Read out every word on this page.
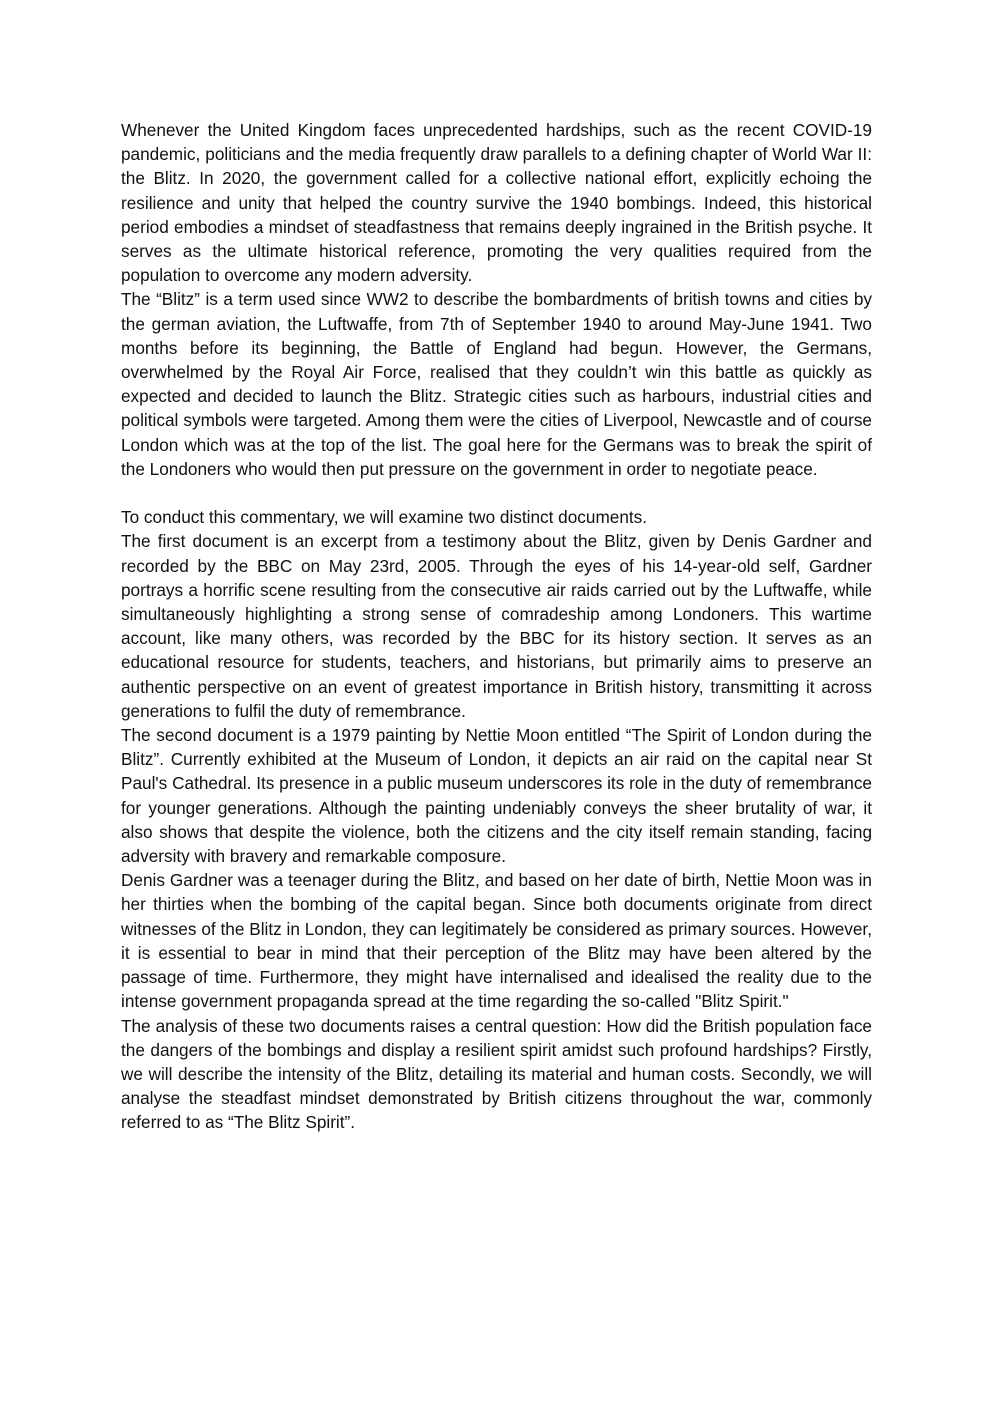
Whenever the United Kingdom faces unprecedented hardships, such as the recent COVID-19 pandemic, politicians and the media frequently draw parallels to a defining chapter of World War II: the Blitz. In 2020, the government called for a collective national effort, explicitly echoing the resilience and unity that helped the country survive the 1940 bombings. Indeed, this historical period embodies a mindset of steadfastness that remains deeply ingrained in the British psyche. It serves as the ultimate historical reference, promoting the very qualities required from the population to overcome any modern adversity.

The “Blitz” is a term used since WW2 to describe the bombardments of british towns and cities by the german aviation, the Luftwaffe, from 7th of September 1940 to around May-June 1941. Two months before its beginning, the Battle of England had begun. However, the Germans, overwhelmed by the Royal Air Force, realised that they couldn’t win this battle as quickly as expected and decided to launch the Blitz. Strategic cities such as harbours, industrial cities and political symbols were targeted. Among them were the cities of Liverpool, Newcastle and of course London which was at the top of the list. The goal here for the Germans was to break the spirit of the Londoners who would then put pressure on the government in order to negotiate peace.

To conduct this commentary, we will examine two distinct documents.

The first document is an excerpt from a testimony about the Blitz, given by Denis Gardner and recorded by the BBC on May 23rd, 2005. Through the eyes of his 14-year-old self, Gardner portrays a horrific scene resulting from the consecutive air raids carried out by the Luftwaffe, while simultaneously highlighting a strong sense of comradeship among Londoners. This wartime account, like many others, was recorded by the BBC for its history section. It serves as an educational resource for students, teachers, and historians, but primarily aims to preserve an authentic perspective on an event of greatest importance in British history, transmitting it across generations to fulfil the duty of remembrance.

The second document is a 1979 painting by Nettie Moon entitled “The Spirit of London during the Blitz”. Currently exhibited at the Museum of London, it depicts an air raid on the capital near St Paul's Cathedral. Its presence in a public museum underscores its role in the duty of remembrance for younger generations. Although the painting undeniably conveys the sheer brutality of war, it also shows that despite the violence, both the citizens and the city itself remain standing, facing adversity with bravery and remarkable composure.

Denis Gardner was a teenager during the Blitz, and based on her date of birth, Nettie Moon was in her thirties when the bombing of the capital began. Since both documents originate from direct witnesses of the Blitz in London, they can legitimately be considered as primary sources. However, it is essential to bear in mind that their perception of the Blitz may have been altered by the passage of time. Furthermore, they might have internalised and idealised the reality due to the intense government propaganda spread at the time regarding the so-called "Blitz Spirit."

The analysis of these two documents raises a central question: How did the British population face the dangers of the bombings and display a resilient spirit amidst such profound hardships? Firstly, we will describe the intensity of the Blitz, detailing its material and human costs. Secondly, we will analyse the steadfast mindset demonstrated by British citizens throughout the war, commonly referred to as “The Blitz Spirit”.
